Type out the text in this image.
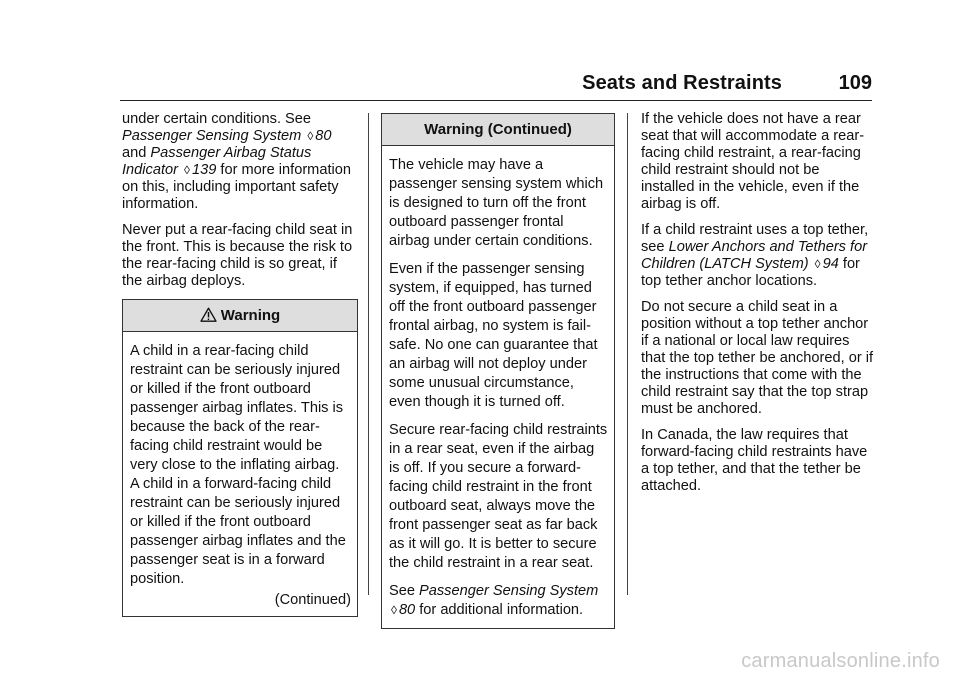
Seats and Restraints	109

under certain conditions. See Passenger Sensing System ◊ 80 and Passenger Airbag Status Indicator ◊ 139 for more information on this, including important safety information.

Never put a rear-facing child seat in the front. This is because the risk to the rear-facing child is so great, if the airbag deploys.

Warning

A child in a rear-facing child restraint can be seriously injured or killed if the front outboard passenger airbag inflates. This is because the back of the rear-facing child restraint would be very close to the inflating airbag. A child in a forward-facing child restraint can be seriously injured or killed if the front outboard passenger airbag inflates and the passenger seat is in a forward position.

(Continued)
Warning (Continued)

The vehicle may have a passenger sensing system which is designed to turn off the front outboard passenger frontal airbag under certain conditions.

Even if the passenger sensing system, if equipped, has turned off the front outboard passenger frontal airbag, no system is fail-safe. No one can guarantee that an airbag will not deploy under some unusual circumstance, even though it is turned off.

Secure rear-facing child restraints in a rear seat, even if the airbag is off. If you secure a forward-facing child restraint in the front outboard seat, always move the front passenger seat as far back as it will go. It is better to secure the child restraint in a rear seat.

See Passenger Sensing System ◊ 80 for additional information.

If the vehicle does not have a rear seat that will accommodate a rear-facing child restraint, a rear-facing child restraint should not be installed in the vehicle, even if the airbag is off.

If a child restraint uses a top tether, see Lower Anchors and Tethers for Children (LATCH System) ◊ 94 for top tether anchor locations.

Do not secure a child seat in a position without a top tether anchor if a national or local law requires that the top tether be anchored, or if the instructions that come with the child restraint say that the top strap must be anchored.

In Canada, the law requires that forward-facing child restraints have a top tether, and that the tether be attached.

carmanualsonline.info
